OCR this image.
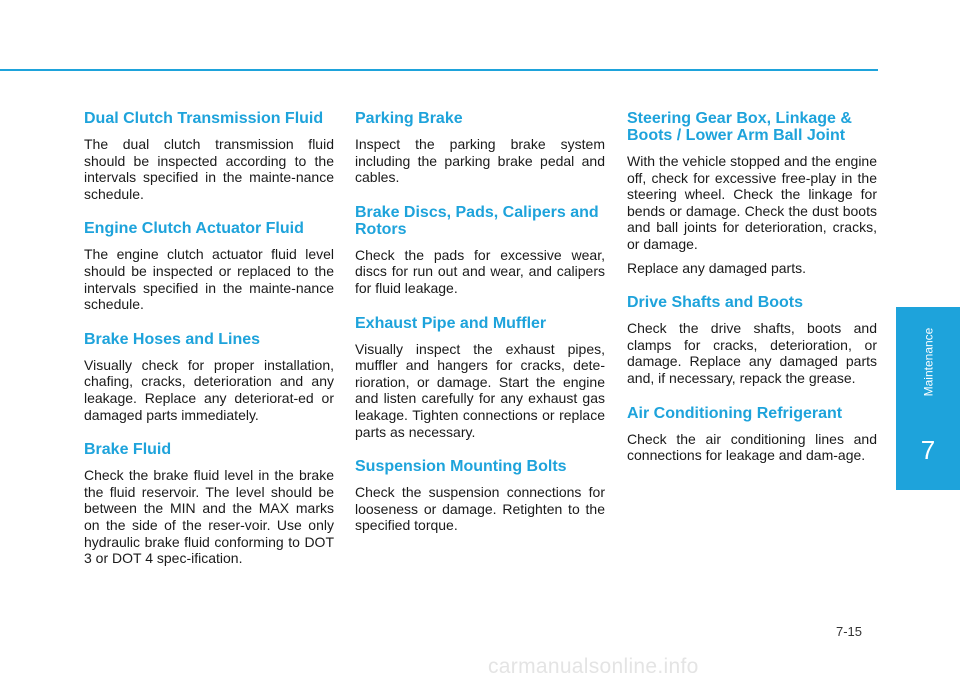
Dual Clutch Transmission Fluid

The dual clutch transmission fluid should be inspected according to the intervals specified in the mainte-nance schedule.

Engine Clutch Actuator Fluid

The engine clutch actuator fluid level should be inspected or replaced to the intervals specified in the mainte-nance schedule.

Brake Hoses and Lines

Visually check for proper installation, chafing, cracks, deterioration and any leakage. Replace any deteriorat-ed or damaged parts immediately.

Brake Fluid

Check the brake fluid level in the brake the fluid reservoir. The level should be between the MIN and the MAX marks on the side of the reser-voir. Use only hydraulic brake fluid conforming to DOT 3 or DOT 4 spec-ification.

Parking Brake

Inspect the parking brake system including the parking brake pedal and cables.

Brake Discs, Pads, Calipers and Rotors

Check the pads for excessive wear, discs for run out and wear, and calipers for fluid leakage.

Exhaust Pipe and Muffler

Visually inspect the exhaust pipes, muffler and hangers for cracks, dete-rioration, or damage. Start the engine and listen carefully for any exhaust gas leakage. Tighten connections or replace parts as necessary.

Suspension Mounting Bolts

Check the suspension connections for looseness or damage. Retighten to the specified torque.

Steering Gear Box, Linkage & Boots / Lower Arm Ball Joint

With the vehicle stopped and the engine off, check for excessive free-play in the steering wheel. Check the linkage for bends or damage. Check the dust boots and ball joints for deterioration, cracks, or damage.

Replace any damaged parts.

Drive Shafts and Boots

Check the drive shafts, boots and clamps for cracks, deterioration, or damage. Replace any damaged parts and, if necessary, repack the grease.

Air Conditioning Refrigerant

Check the air conditioning lines and connections for leakage and dam-age.

Maintenance
7
7-15
carmanualsonline.info
